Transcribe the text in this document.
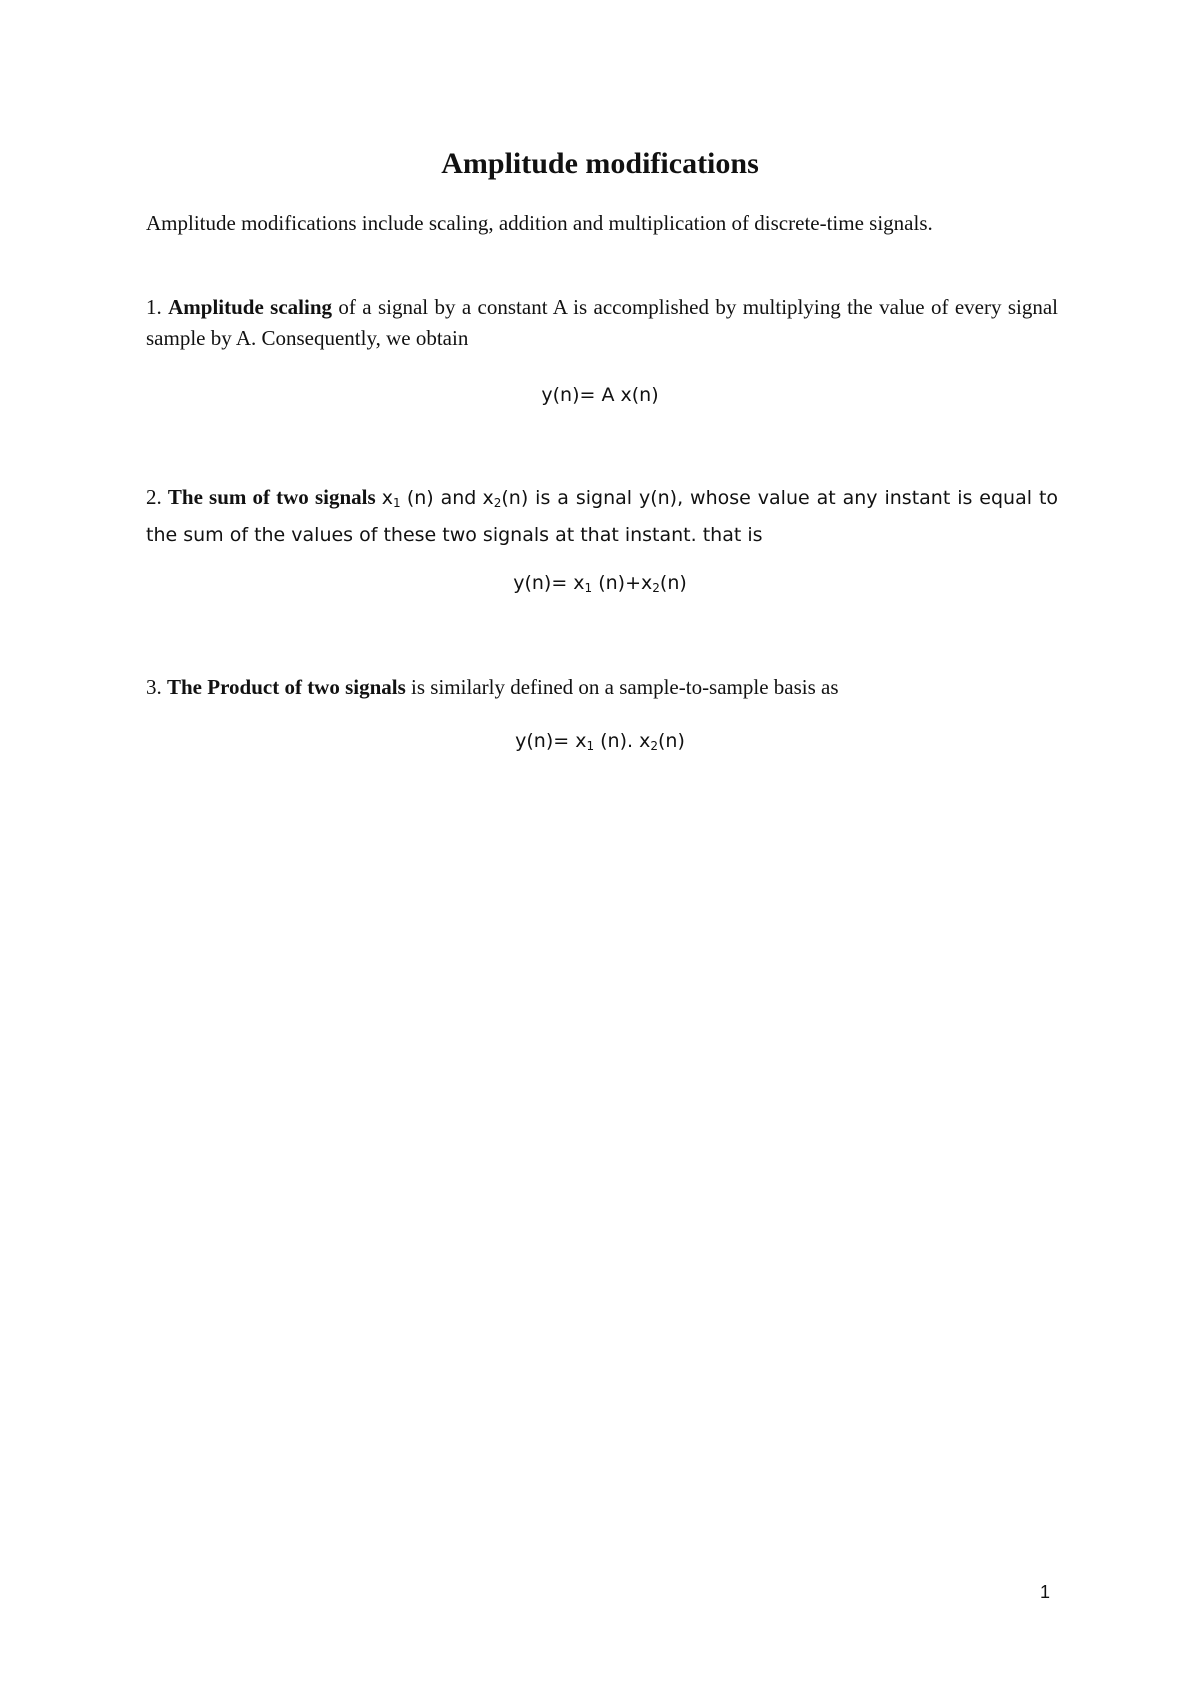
Amplitude modifications

Amplitude modifications include scaling, addition and multiplication of discrete-time signals.

1. Amplitude scaling of a signal by a constant A is accomplished by multiplying the value of every signal sample by A. Consequently, we obtain

y(n)= A x(n)

2. The sum of two signals $x_1$ (n) and $x_2(n)$ is a signal y(n), whose value at any instant is equal to the sum of the values of these two signals at that instant. that is

$y(n)= x_1$ $(n)+x_2(n)$

3. The Product of two signals is similarly defined on a sample-to-sample basis as

$y(n)= x_1$ (n). $x_2(n)$

1
